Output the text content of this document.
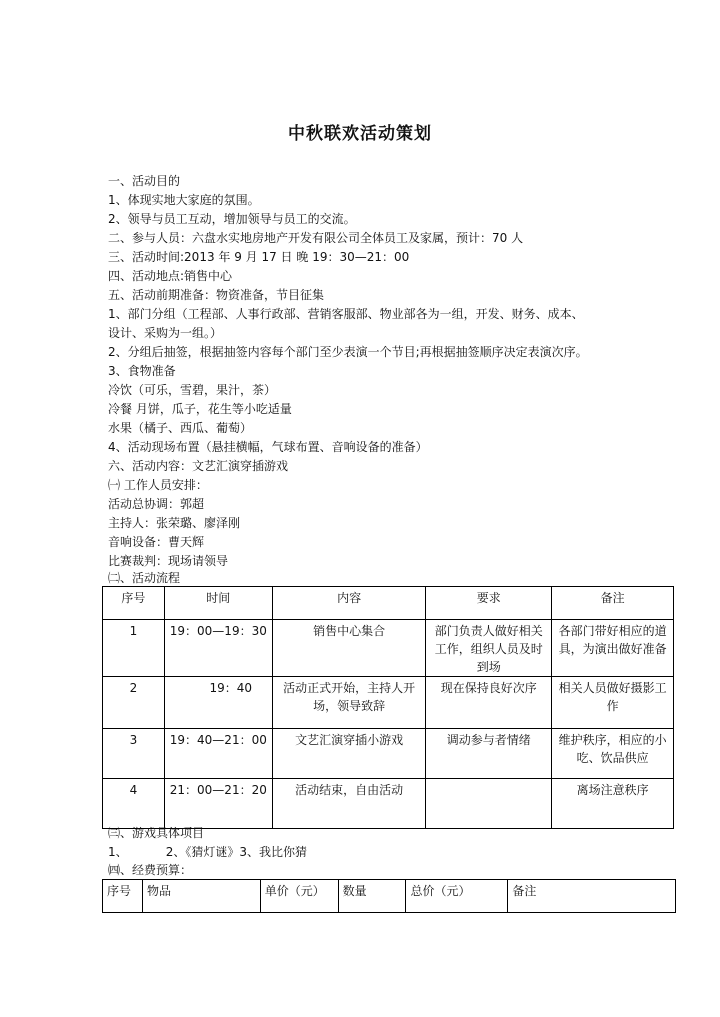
中秋联欢活动策划
一、活动目的
1、体现实地大家庭的氛围。
2、领导与员工互动，增加领导与员工的交流。
二、参与人员：六盘水实地房地产开发有限公司全体员工及家属，预计：70 人
三、活动时间:2013 年 9 月 17 日 晚 19：30—21：00
四、活动地点:销售中心
五、活动前期准备：物资准备，节目征集
1、部门分组（工程部、人事行政部、营销客服部、物业部各为一组，开发、财务、成本、
设计、采购为一组。）
2、分组后抽签，根据抽签内容每个部门至少表演一个节目;再根据抽签顺序决定表演次序。
3、食物准备
冷饮（可乐，雪碧，果汁，茶）
冷餐 月饼，瓜子，花生等小吃适量
水果（橘子、西瓜、葡萄）
4、活动现场布置（悬挂横幅，气球布置、音响设备的准备）
六、活动内容：文艺汇演穿插游戏
㈠ 工作人员安排：
活动总协调：郭超
主持人：张荣璐、廖泽刚
音响设备：曹天辉
比赛裁判：现场请领导
㈡、活动流程
序号	时间	内容	要求	备注
1	19：00—19：30	销售中心集合	部门负责人做好相关工作，组织人员及时到场	各部门带好相应的道具，为演出做好准备
2	19：40	活动正式开始，主持人开场，领导致辞	现在保持良好次序	相关人员做好摄影工作
3	19：40—21：00	文艺汇演穿插小游戏	调动参与者情绪	维护秩序，相应的小吃、饮品供应
4	21：00—21：20	活动结束，自由活动		离场注意秩序
㈢、游戏具体项目
1、          2、《猜灯谜》3、我比你猜
㈣、经费预算：
序号	物品	单价（元）	数量	总价（元）	备注
